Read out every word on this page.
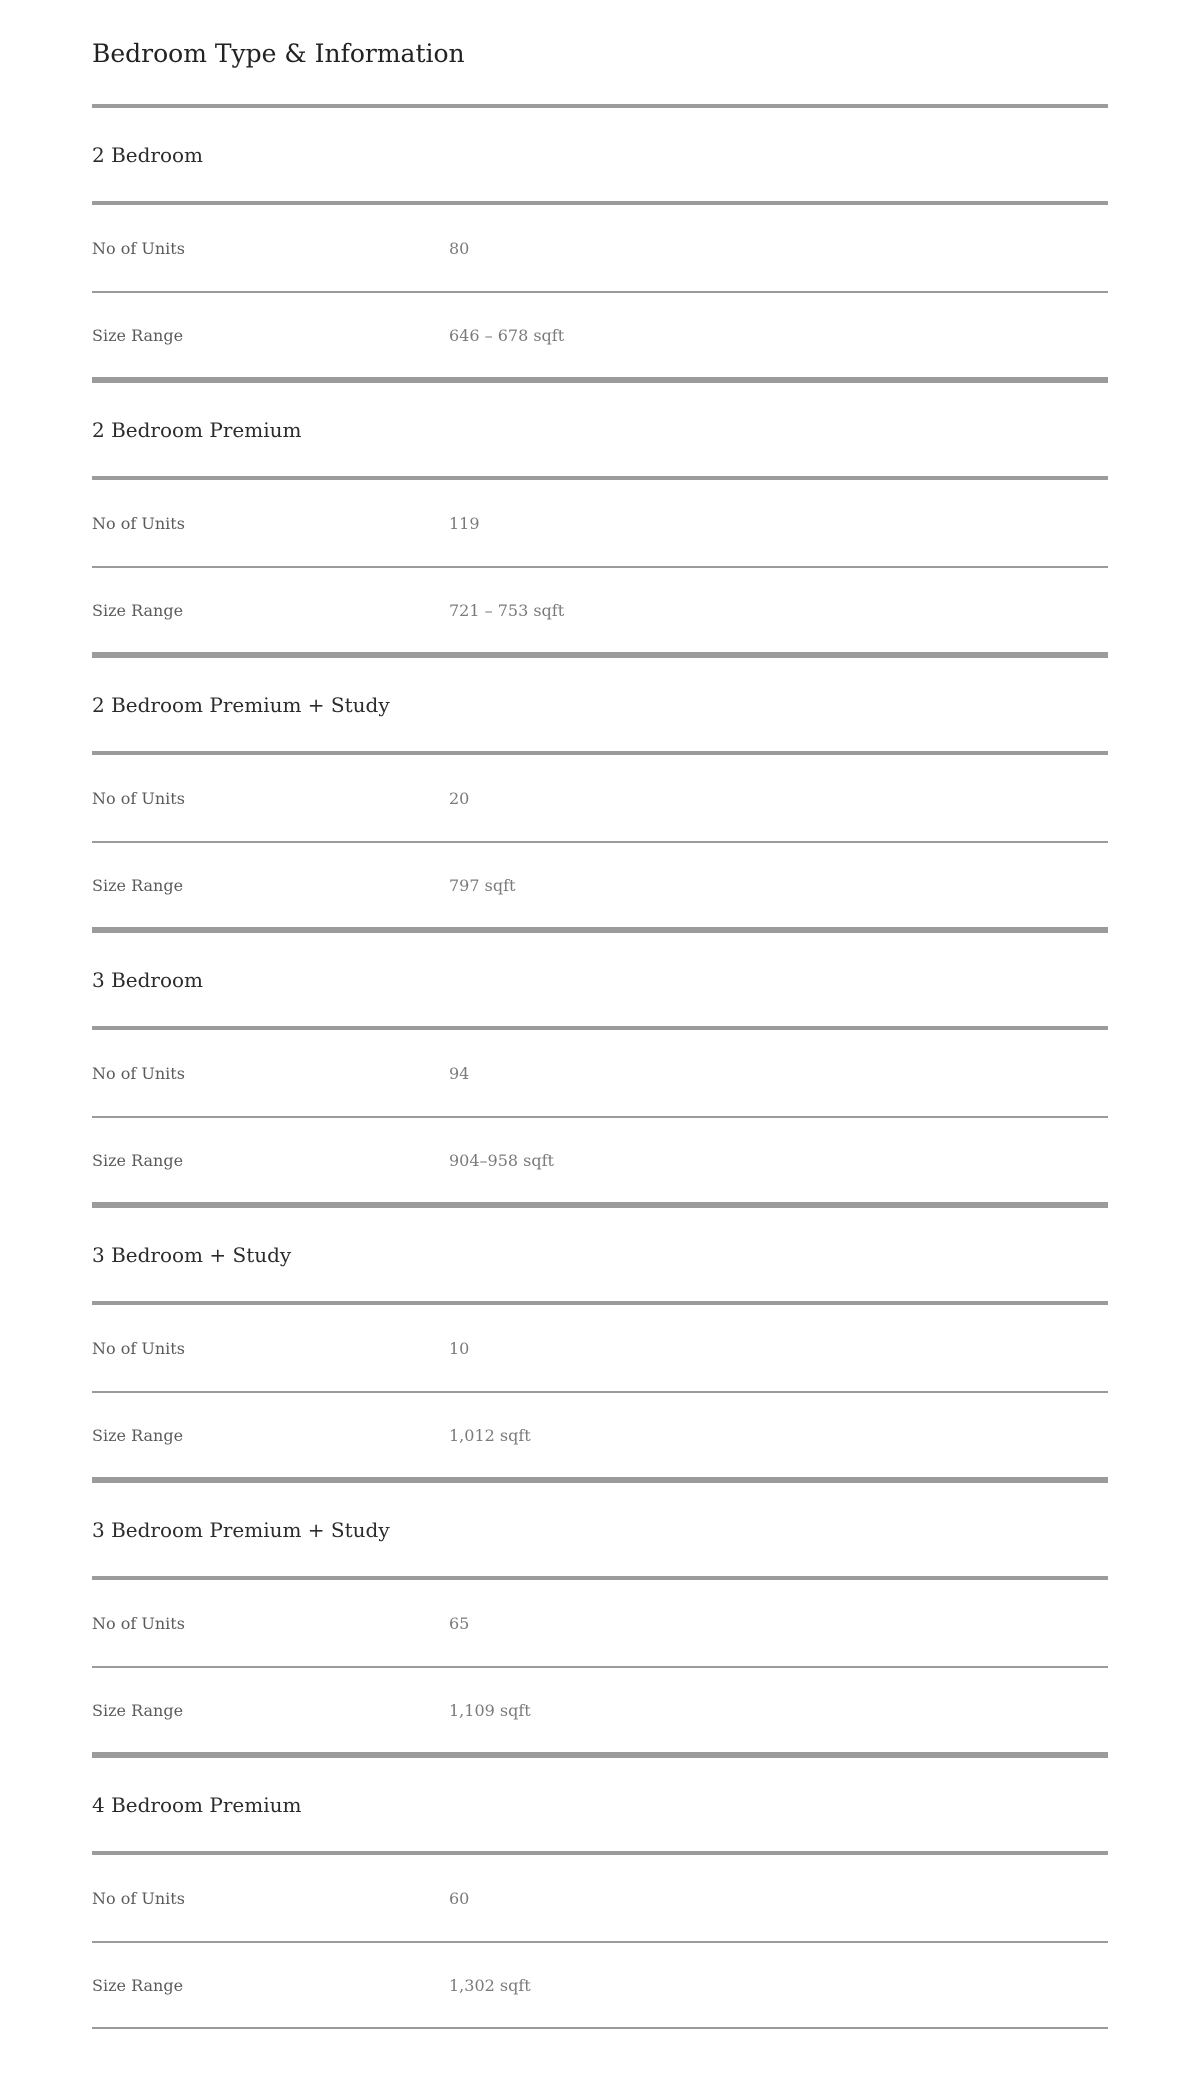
Bedroom Type & Information
2 Bedroom
No of Units	80
Size Range	646 – 678 sqft
2 Bedroom Premium
No of Units	119
Size Range	721 – 753 sqft
2 Bedroom Premium + Study
No of Units	20
Size Range	797 sqft
3 Bedroom
No of Units	94
Size Range	904–958 sqft
3 Bedroom + Study
No of Units	10
Size Range	1,012 sqft
3 Bedroom Premium + Study
No of Units	65
Size Range	1,109 sqft
4 Bedroom Premium
No of Units	60
Size Range	1,302 sqft
